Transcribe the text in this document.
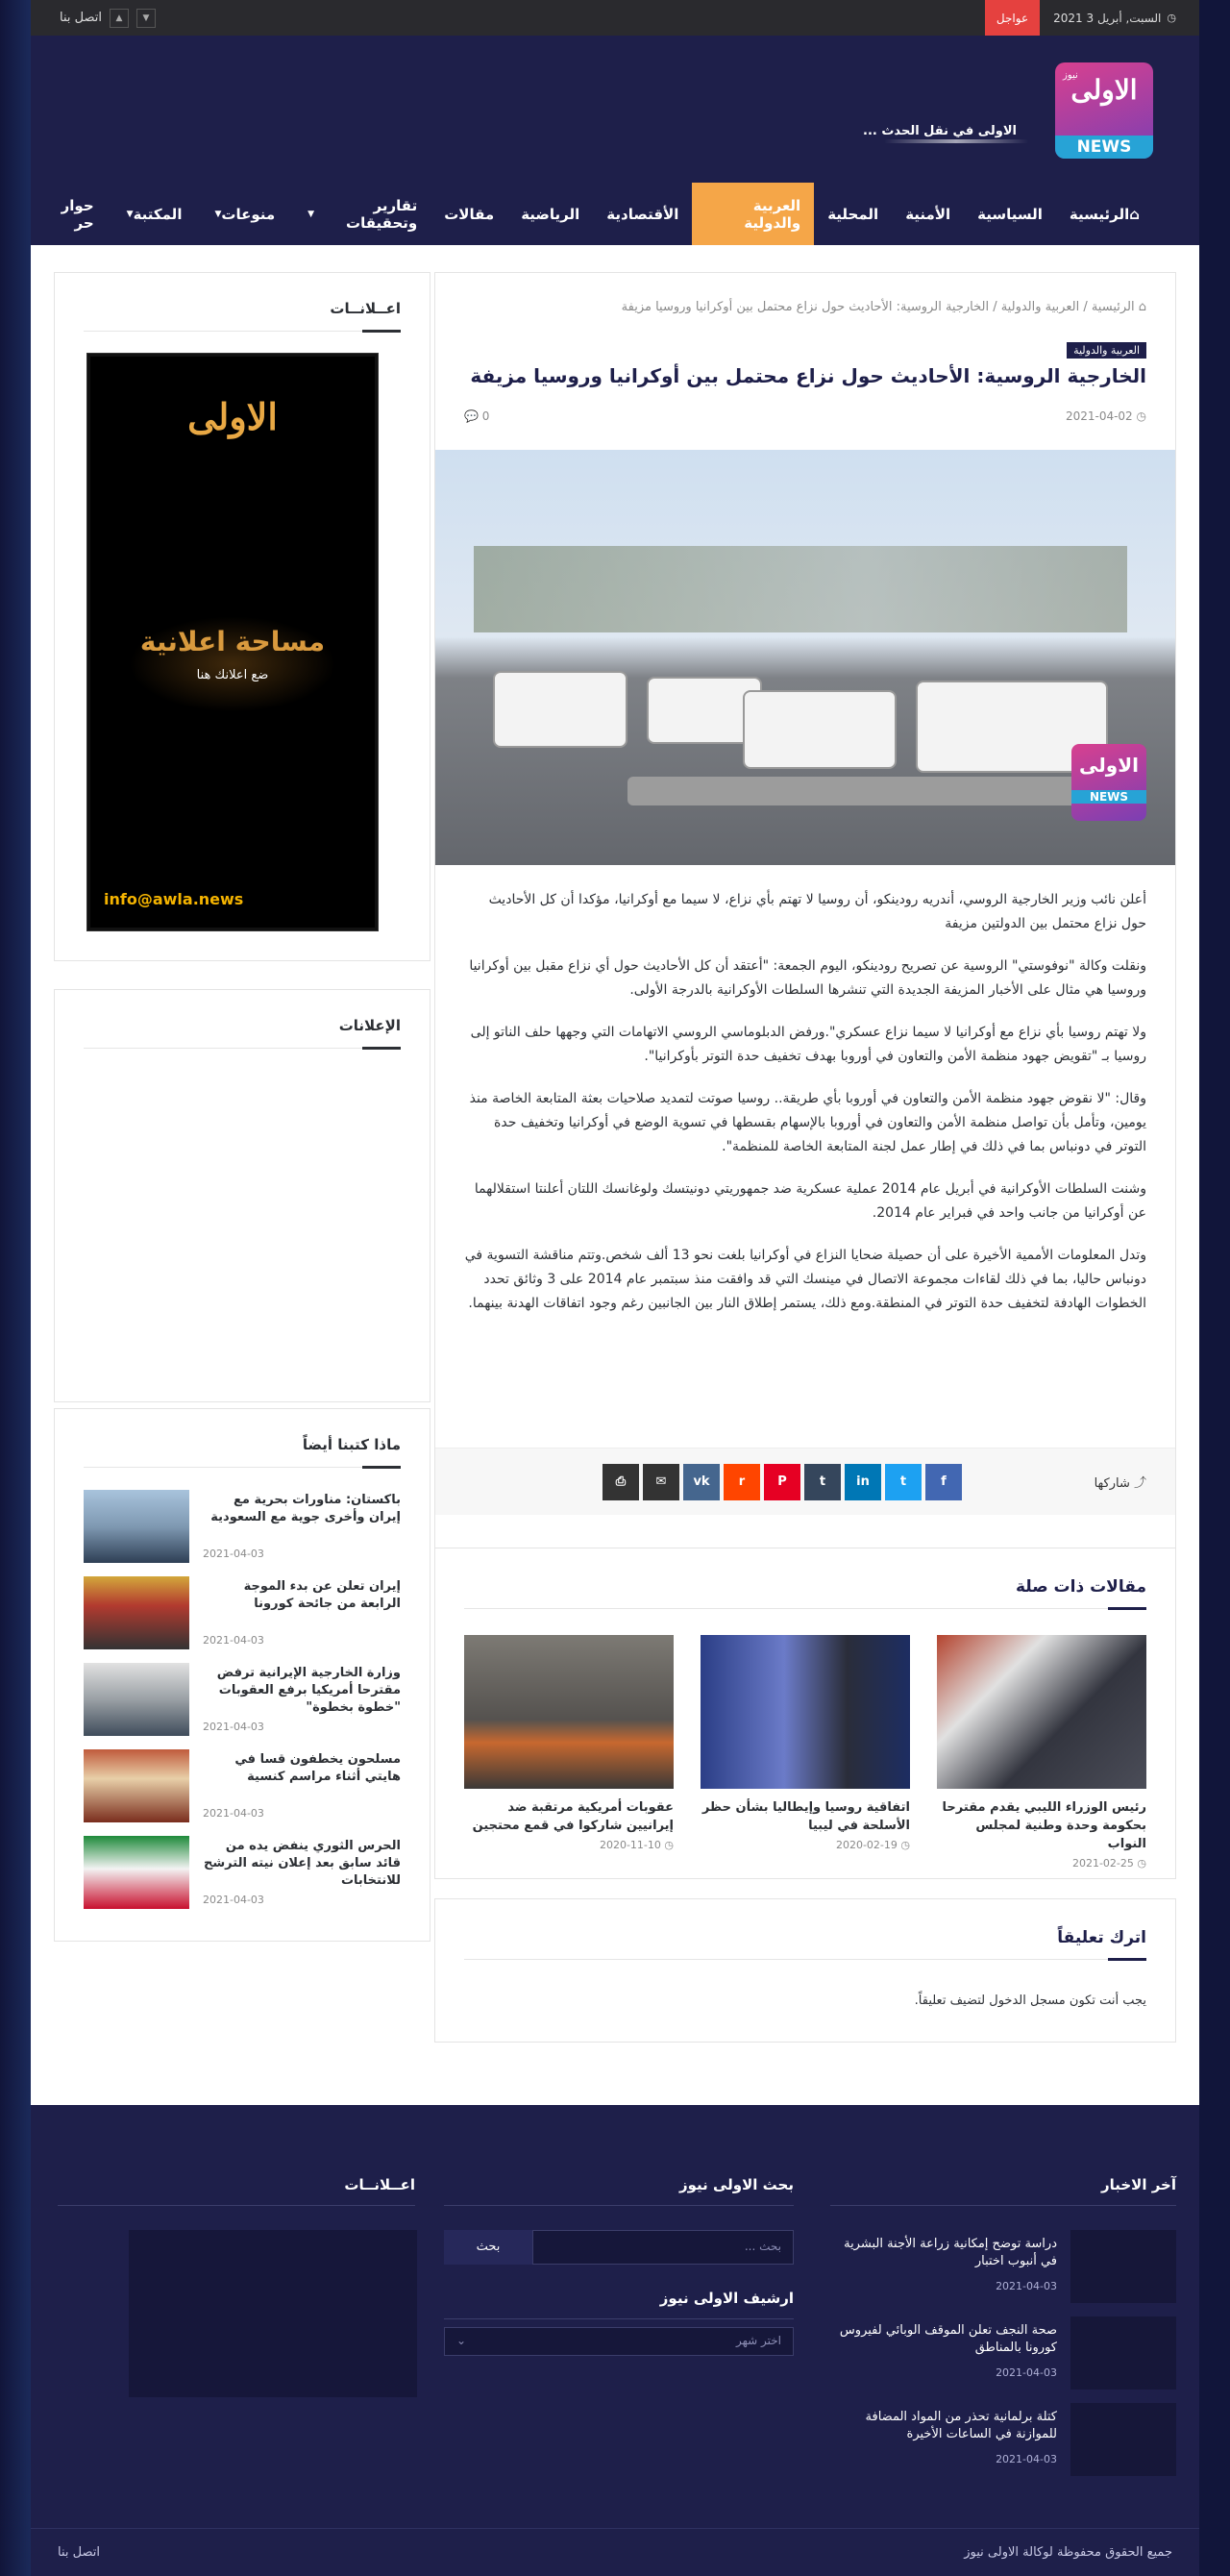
◷
السبت, أبريل 3 2021
عواجل
▼
▲
اتصل بنا
الاولى
نيوز
NEWS
الاولى في نقل الحدث ...
⌂
الرئيسية
السياسية
الأمنية
المحلية
العربية والدولية
الأقتصادية
الرياضية
مقالات
تقارير وتحقيقات
▼
منوعات
▼
المكتبة
▼
حوار حر
⌂ الرئيسية / العربية والدولية / الخارجية الروسية: الأحاديث حول نزاع محتمل بين أوكرانيا وروسيا مزيفة
العربية والدولية
الخارجية الروسية: الأحاديث حول نزاع محتمل بين أوكرانيا وروسيا مزيفة
◷ 2021-04-02
0 💬
الاولى
NEWS

أعلن نائب وزير الخارجية الروسي، أندريه رودينكو، أن روسيا لا تهتم بأي نزاع، لا سيما مع أوكرانيا، مؤكدا أن كل الأحاديث حول نزاع محتمل بين الدولتين مزيفة

ونقلت وكالة "نوفوستي" الروسية عن تصريح رودينكو، اليوم الجمعة: "أعتقد أن كل الأحاديث حول أي نزاع مقبل بين أوكرانيا وروسيا هي مثال على الأخبار المزيفة الجديدة التي تنشرها السلطات الأوكرانية بالدرجة الأولى.

ولا تهتم روسيا بأي نزاع مع أوكرانيا لا سيما نزاع عسكري".ورفض الدبلوماسي الروسي الاتهامات التي وجهها حلف الناتو إلى روسيا بـ "تقويض جهود منظمة الأمن والتعاون في أوروبا بهدف تخفيف حدة التوتر بأوكرانيا".

وقال: "لا نقوض جهود منظمة الأمن والتعاون في أوروبا بأي طريقة.. روسيا صوتت لتمديد صلاحيات بعثة المتابعة الخاصة منذ يومين، وتأمل بأن تواصل منظمة الأمن والتعاون في أوروبا بالإسهام بقسطها في تسوية الوضع في أوكرانيا وتخفيف حدة التوتر في دونباس بما في ذلك في إطار عمل لجنة المتابعة الخاصة للمنظمة".

وشنت السلطات الأوكرانية في أبريل عام 2014 عملية عسكرية ضد جمهوريتي دونيتسك ولوغانسك اللتان أعلنتا استقلالهما عن أوكرانيا من جانب واحد في فبراير عام 2014.

وتدل المعلومات الأممية الأخيرة على أن حصيلة ضحايا النزاع في أوكرانيا بلغت نحو 13 ألف شخص.وتتم مناقشة التسوية في دونباس حاليا، بما في ذلك لقاءات مجموعة الاتصال في مينسك التي قد وافقت منذ سبتمبر عام 2014 على 3 وثائق تحدد الخطوات الهادفة لتخفيف حدة التوتر في المنطقة.ومع ذلك، يستمر إطلاق النار بين الجانبين رغم وجود اتفاقات الهدنة بينهما.

⤴ شاركها
f
t
in
t
P
r
vk
✉
⎙
مقالات ذات صلة
رئيس الوزراء الليبي يقدم مقترحا بحكومة وحدة وطنية لمجلس النواب
◷ 2021-02-25
اتفاقية روسيا وإيطاليا بشأن حظر الأسلحة في ليبيا
◷ 2020-02-19
عقوبات أمريكية مرتقبة ضد إيرانيين شاركوا في قمع محتجين
◷ 2020-11-10
اترك تعليقاً
يجب أنت تكون مسجل الدخول لتضيف تعليقاً.
اعــلانــات
الاولى
مساحة اعلانية
ضع اعلانك هنا
info@awla.news
الإعلانات
ماذا كتبنا أيضاً
باكستان: مناورات بحرية مع إيران وأخرى جوية مع السعودية
2021-04-03
إيران تعلن عن بدء الموجة الرابعة من جائحة كورونا
2021-04-03
وزارة الخارجية الإيرانية ترفض مقترحا أمريكيا برفع العقوبات "خطوة بخطوة"
2021-04-03
مسلحون يخطفون قسا في هايتي أثناء مراسم كنسية
2021-04-03
الحرس الثوري ينفض يده من قائد سابق بعد إعلان نيته الترشح للانتخابات
2021-04-03
آخر الاخبار
دراسة توضح إمكانية زراعة الأجنة البشرية في أنبوب اختبار
2021-04-03
صحة النجف تعلن الموقف الوبائي لفيروس كورونا بالمناطق
2021-04-03
كتلة برلمانية تحذر من المواد المضافة للموازنة في الساعات الأخيرة
2021-04-03
بحث الاولى نيوز
بحث ...
بحث
ارشيف الاولى نيوز
اختر شهر
⌄
اعــلانــات
جميع الحقوق محفوظة لوكالة الاولى نيوز
اتصل بنا
